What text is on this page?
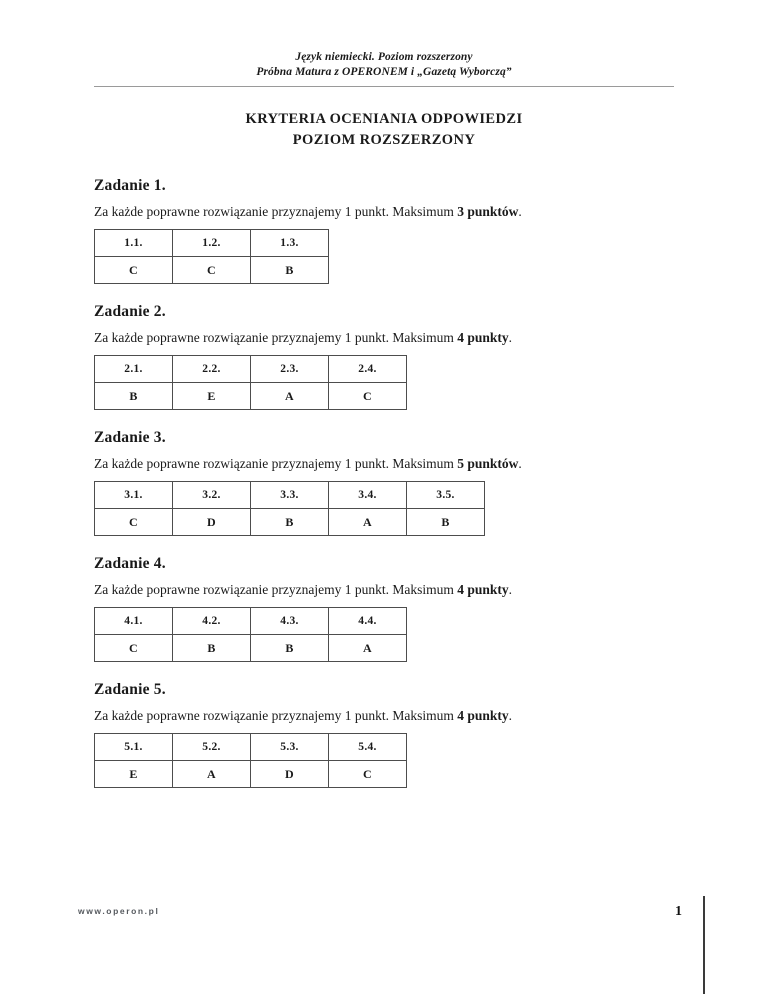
Język niemiecki. Poziom rozszerzony
Próbna Matura z OPERONEM i „Gazetą Wyborczą”
KRYTERIA OCENIANIA ODPOWIEDZI
POZIOM ROZSZERZONY
Zadanie 1.

Za każde poprawne rozwiązanie przyznajemy 1 punkt. Maksimum 3 punktów.

1.1.	1.2.	1.3.
C	C	B
Zadanie 2.

Za każde poprawne rozwiązanie przyznajemy 1 punkt. Maksimum 4 punkty.

2.1.	2.2.	2.3.	2.4.
B	E	A	C
Zadanie 3.

Za każde poprawne rozwiązanie przyznajemy 1 punkt. Maksimum 5 punktów.

3.1.	3.2.	3.3.	3.4.	3.5.
C	D	B	A	B
Zadanie 4.

Za każde poprawne rozwiązanie przyznajemy 1 punkt. Maksimum 4 punkty.

4.1.	4.2.	4.3.	4.4.
C	B	B	A
Zadanie 5.

Za każde poprawne rozwiązanie przyznajemy 1 punkt. Maksimum 4 punkty.

5.1.	5.2.	5.3.	5.4.
E	A	D	C
www.operon.pl	1
